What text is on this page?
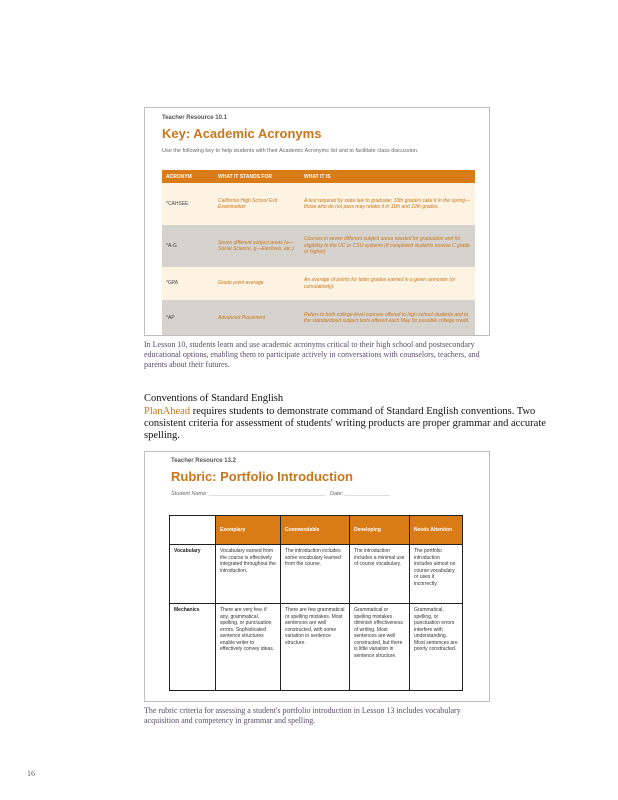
Teacher Resource 10.1
Key: Academic Acronyms
Use the following key to help students with their Academic Acronyms list and to facilitate class discussion.
ACRONYM	WHAT IT STANDS FOR	WHAT IT IS
*CAHSEE	California High School Exit Examination	A test required by state law to graduate; 10th graders take it in the spring—those who do not pass may retake it in 11th and 12th grades.
*A-G	Seven different subject areas (a—Social Science, g—Electives, etc.)	Courses in seven different subject areas needed for graduation and for eligibility to the UC or CSU systems (if completed students receive C grade or higher).
*GPA	Grade point average	An average of points for letter grades earned in a given semester (or cumulatively).
*AP	Advanced Placement	Refers to both college-level courses offered to high school students and to the standardized subject tests offered each May for possible college credit.
In Lesson 10, students learn and use academic acronyms critical to their high school and postsecondary educational options, enabling them to participate actively in conversations with counselors, teachers, and parents about their futures.
Conventions of Standard English
PlanAhead requires students to demonstrate command of Standard English conventions. Two consistent criteria for assessment of students' writing products are proper grammar and accurate spelling.
Teacher Resource 13.2
Rubric: Portfolio Introduction
Student Name: ______________________________________ Date: _______________
	Exemplary	Commendable	Developing	Needs Attention
Vocabulary	Vocabulary earned from the course is effectively integrated throughout the introduction.	The introduction includes some vocabulary learned from the course.	The introduction includes a minimal use of course vocabulary.	The portfolio introduction includes almost no course vocabulary or uses it incorrectly.
Mechanics	There are very few, if any, grammatical, spelling, or punctuation errors. Sophisticated sentence structures enable writer to effectively convey ideas.	There are few grammatical or spelling mistakes. Most sentences are well constructed, with some variation in sentence structure.	Grammatical or spelling mistakes diminish effectiveness of writing. Most sentences are well constructed, but there is little variation in sentence structure.	Grammatical, spelling, or punctuation errors interfere with understanding. Most sentences are poorly constructed.
The rubric criteria for assessing a student's portfolio introduction in Lesson 13 includes vocabulary acquisition and competency in grammar and spelling.
16
